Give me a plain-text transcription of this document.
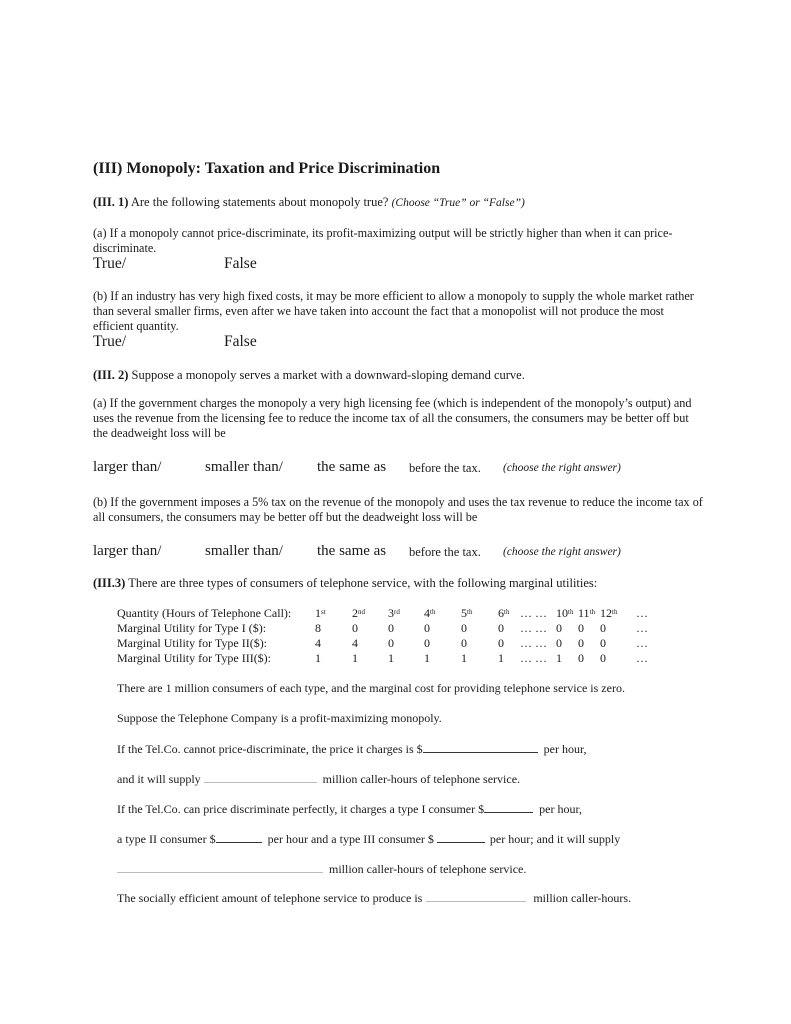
(III) Monopoly: Taxation and Price Discrimination
(III. 1) Are the following statements about monopoly true? (Choose “True” or “False”)
(a) If a monopoly cannot price-discriminate, its profit-maximizing output will be strictly higher than when it can price-discriminate.
True/	False
(b) If an industry has very high fixed costs, it may be more efficient to allow a monopoly to supply the whole market rather than several smaller firms, even after we have taken into account the fact that a monopolist will not produce the most efficient quantity.
True/	False
(III. 2) Suppose a monopoly serves a market with a downward-sloping demand curve.
(a) If the government charges the monopoly a very high licensing fee (which is independent of the monopoly’s output) and uses the revenue from the licensing fee to reduce the income tax of all the consumers, the consumers may be better off but the deadweight loss will be
larger than/	smaller than/ the same as before the tax. (choose the right answer)
(b) If the government imposes a 5% tax on the revenue of the monopoly and uses the tax revenue to reduce the income tax of all consumers, the consumers may be better off but the deadweight loss will be
larger than/	smaller than/ the same as before the tax. (choose the right answer)
(III.3) There are three types of consumers of telephone service, with the following marginal utilities:
Quantity (Hours of Telephone Call):	1st	2nd	3rd	4th	5th	6th	… …	10th	11th	12th	…
Marginal Utility for Type I ($):	8	0	0	0	0	0	… …	0	0	0	…
Marginal Utility for Type II($):	4	4	0	0	0	0	… …	0	0	0	…
Marginal Utility for Type III($):	1	1	1	1	1	1	… …	1	0	0	…
There are 1 million consumers of each type, and the marginal cost for providing telephone service is zero.
Suppose the Telephone Company is a profit-maximizing monopoly.
If the Tel.Co. cannot price-discriminate, the price it charges is $	per hour,
and it will supply	million caller-hours of telephone service.
If the Tel.Co. can price discriminate perfectly, it charges a type I consumer $	per hour,
a type II consumer $	per hour and a type III consumer $	per hour; and it will supply
million caller-hours of telephone service.
The socially efficient amount of telephone service to produce is	million caller-hours.
